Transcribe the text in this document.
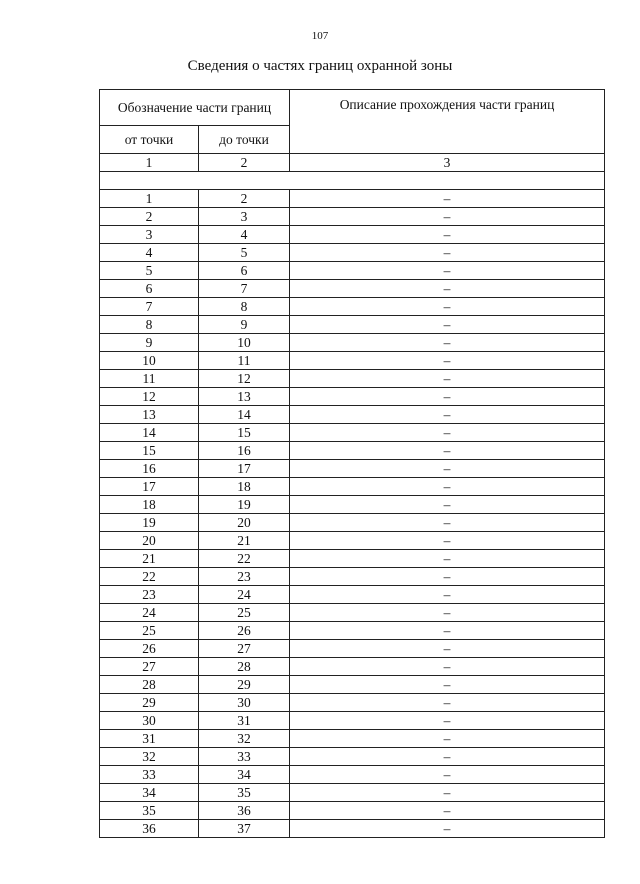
107
Сведения о частях границ охранной зоны
Обозначение части границ		Описание прохождения части границ
от точки	до точки	
1	2	3

1	2	–
2	3	–
3	4	–
4	5	–
5	6	–
6	7	–
7	8	–
8	9	–
9	10	–
10	11	–
11	12	–
12	13	–
13	14	–
14	15	–
15	16	–
16	17	–
17	18	–
18	19	–
19	20	–
20	21	–
21	22	–
22	23	–
23	24	–
24	25	–
25	26	–
26	27	–
27	28	–
28	29	–
29	30	–
30	31	–
31	32	–
32	33	–
33	34	–
34	35	–
35	36	–
36	37	–
